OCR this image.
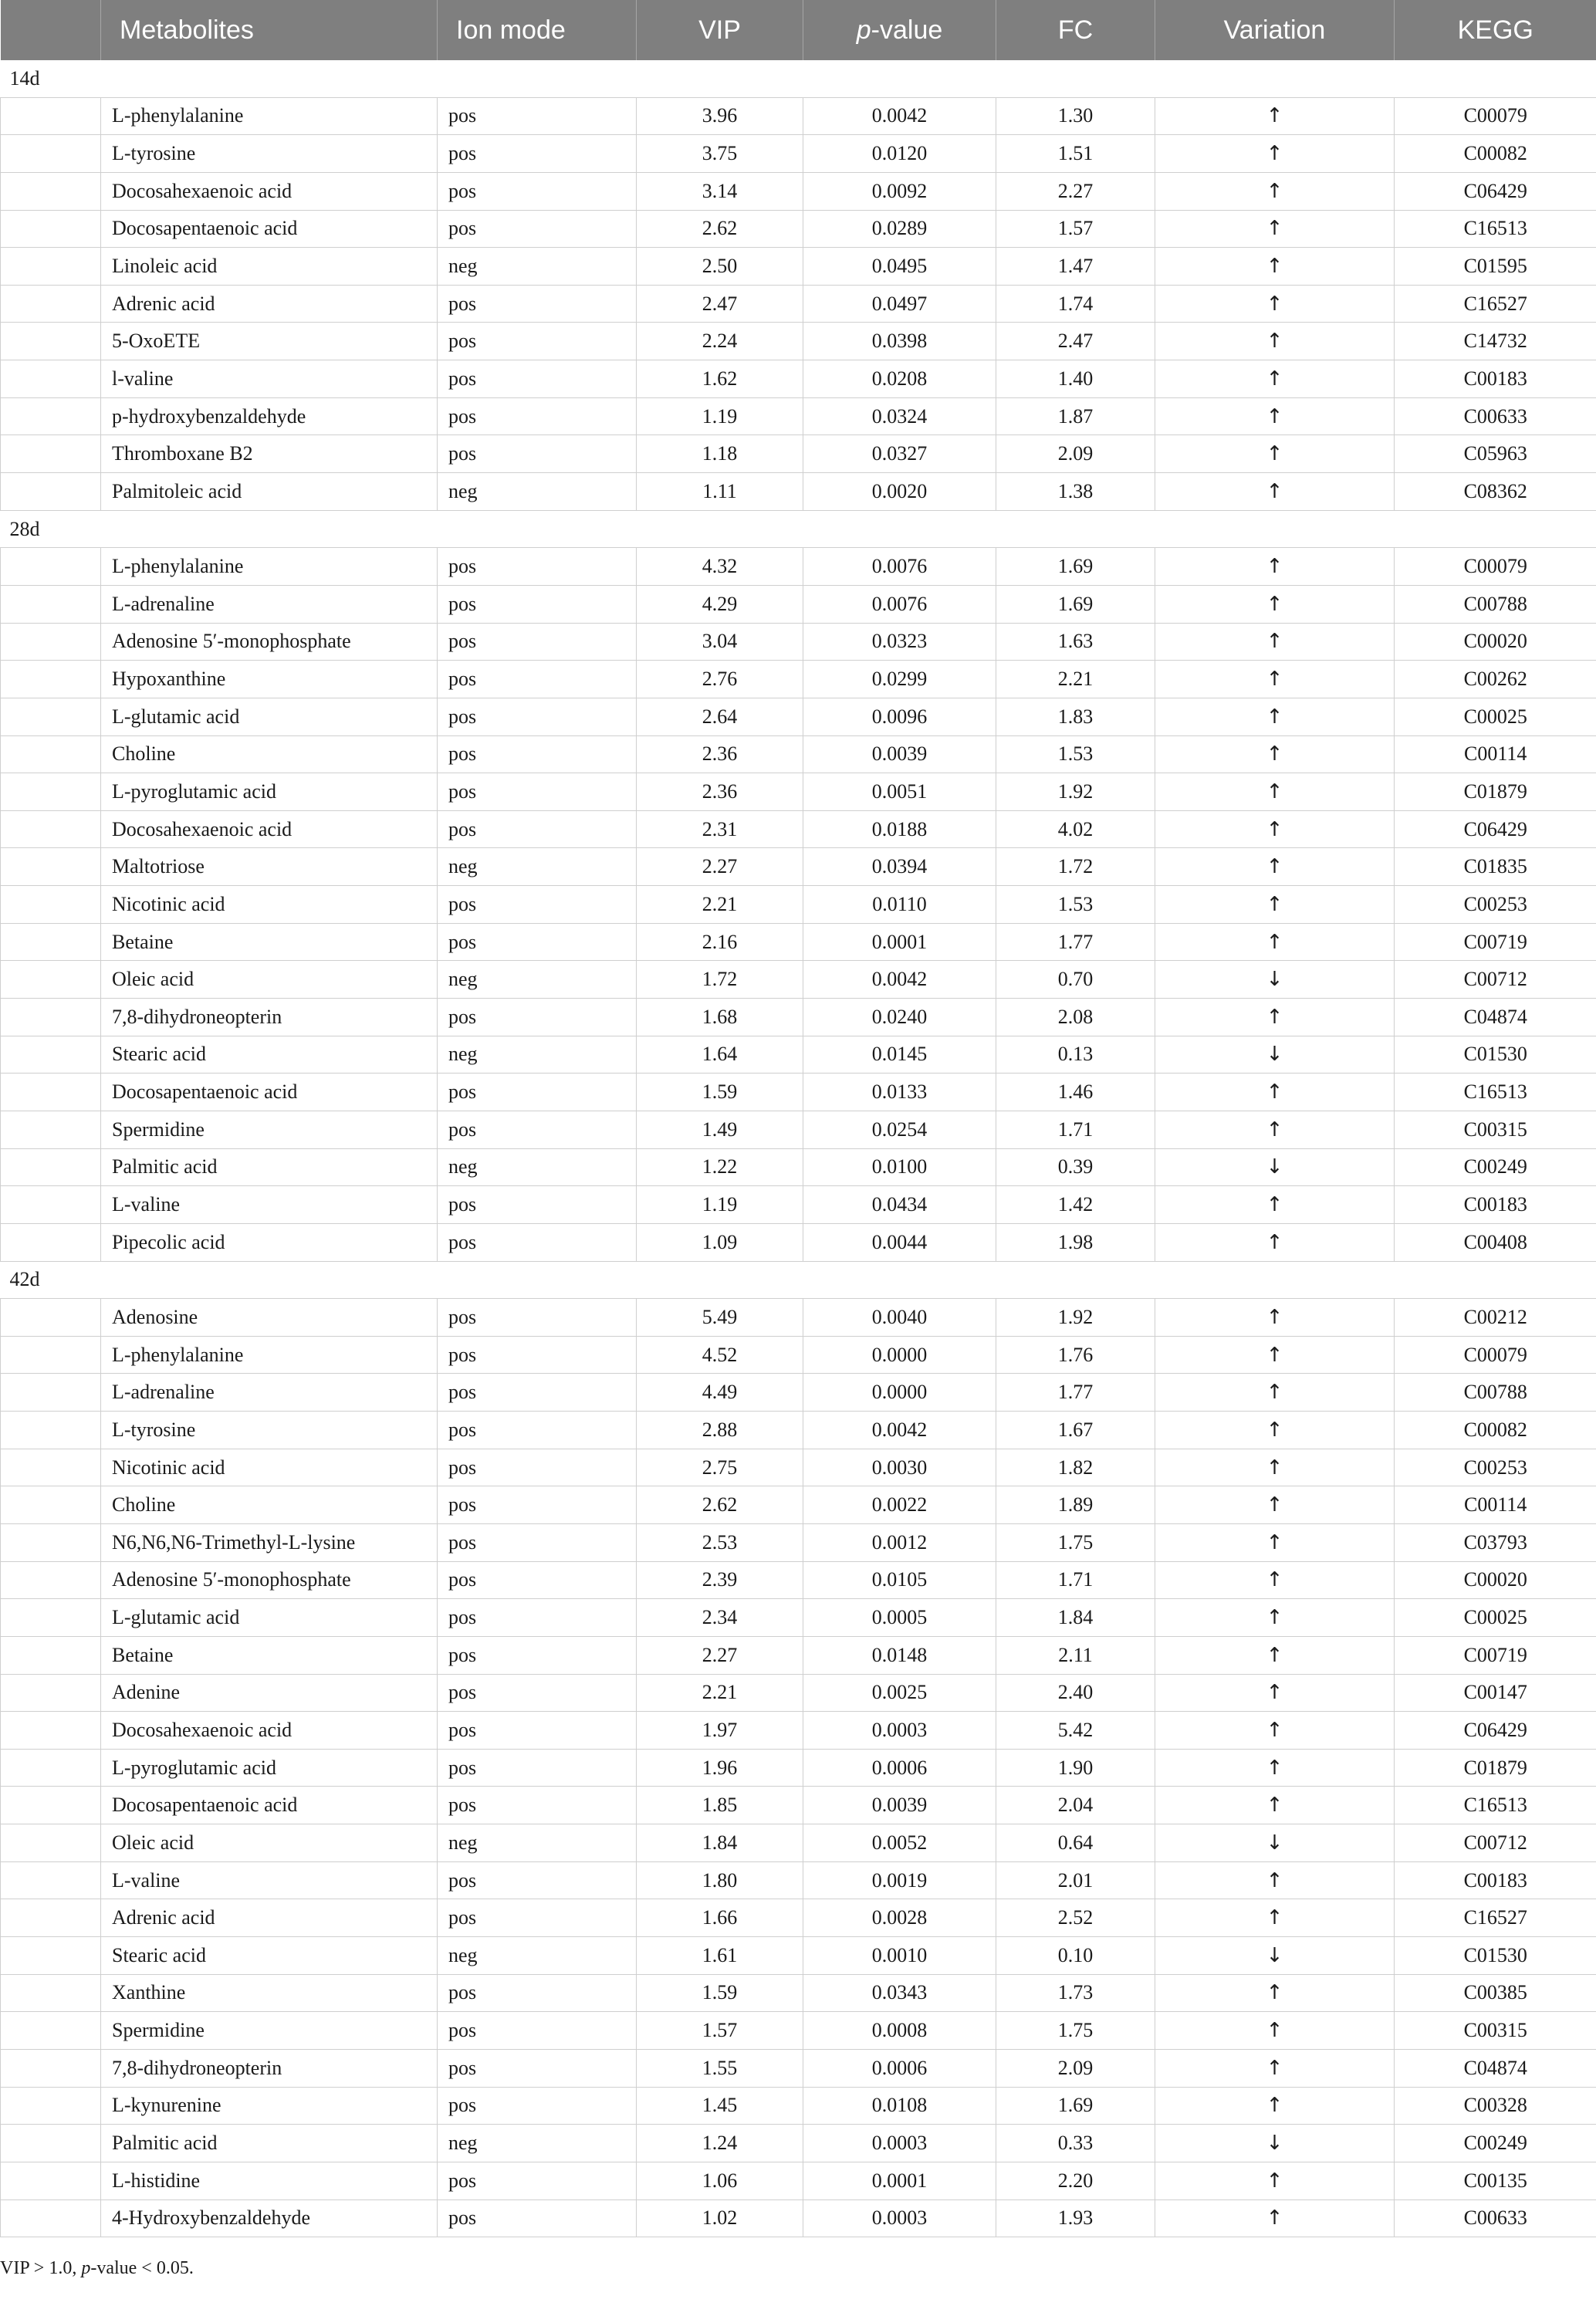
	Metabolites	Ion mode	VIP	p-value	FC	Variation	KEGG
14d							
	L-phenylalanine	pos	3.96	0.0042	1.30	↑	C00079
	L-tyrosine	pos	3.75	0.0120	1.51	↑	C00082
	Docosahexaenoic acid	pos	3.14	0.0092	2.27	↑	C06429
	Docosapentaenoic acid	pos	2.62	0.0289	1.57	↑	C16513
	Linoleic acid	neg	2.50	0.0495	1.47	↑	C01595
	Adrenic acid	pos	2.47	0.0497	1.74	↑	C16527
	5-OxoETE	pos	2.24	0.0398	2.47	↑	C14732
	l-valine	pos	1.62	0.0208	1.40	↑	C00183
	p-hydroxybenzaldehyde	pos	1.19	0.0324	1.87	↑	C00633
	Thromboxane B2	pos	1.18	0.0327	2.09	↑	C05963
	Palmitoleic acid	neg	1.11	0.0020	1.38	↑	C08362
28d							
	L-phenylalanine	pos	4.32	0.0076	1.69	↑	C00079
	L-adrenaline	pos	4.29	0.0076	1.69	↑	C00788
	Adenosine 5′-monophosphate	pos	3.04	0.0323	1.63	↑	C00020
	Hypoxanthine	pos	2.76	0.0299	2.21	↑	C00262
	L-glutamic acid	pos	2.64	0.0096	1.83	↑	C00025
	Choline	pos	2.36	0.0039	1.53	↑	C00114
	L-pyroglutamic acid	pos	2.36	0.0051	1.92	↑	C01879
	Docosahexaenoic acid	pos	2.31	0.0188	4.02	↑	C06429
	Maltotriose	neg	2.27	0.0394	1.72	↑	C01835
	Nicotinic acid	pos	2.21	0.0110	1.53	↑	C00253
	Betaine	pos	2.16	0.0001	1.77	↑	C00719
	Oleic acid	neg	1.72	0.0042	0.70	↓	C00712
	7,8-dihydroneopterin	pos	1.68	0.0240	2.08	↑	C04874
	Stearic acid	neg	1.64	0.0145	0.13	↓	C01530
	Docosapentaenoic acid	pos	1.59	0.0133	1.46	↑	C16513
	Spermidine	pos	1.49	0.0254	1.71	↑	C00315
	Palmitic acid	neg	1.22	0.0100	0.39	↓	C00249
	L-valine	pos	1.19	0.0434	1.42	↑	C00183
	Pipecolic acid	pos	1.09	0.0044	1.98	↑	C00408
42d							
	Adenosine	pos	5.49	0.0040	1.92	↑	C00212
	L-phenylalanine	pos	4.52	0.0000	1.76	↑	C00079
	L-adrenaline	pos	4.49	0.0000	1.77	↑	C00788
	L-tyrosine	pos	2.88	0.0042	1.67	↑	C00082
	Nicotinic acid	pos	2.75	0.0030	1.82	↑	C00253
	Choline	pos	2.62	0.0022	1.89	↑	C00114
	N6,N6,N6-Trimethyl-L-lysine	pos	2.53	0.0012	1.75	↑	C03793
	Adenosine 5′-monophosphate	pos	2.39	0.0105	1.71	↑	C00020
	L-glutamic acid	pos	2.34	0.0005	1.84	↑	C00025
	Betaine	pos	2.27	0.0148	2.11	↑	C00719
	Adenine	pos	2.21	0.0025	2.40	↑	C00147
	Docosahexaenoic acid	pos	1.97	0.0003	5.42	↑	C06429
	L-pyroglutamic acid	pos	1.96	0.0006	1.90	↑	C01879
	Docosapentaenoic acid	pos	1.85	0.0039	2.04	↑	C16513
	Oleic acid	neg	1.84	0.0052	0.64	↓	C00712
	L-valine	pos	1.80	0.0019	2.01	↑	C00183
	Adrenic acid	pos	1.66	0.0028	2.52	↑	C16527
	Stearic acid	neg	1.61	0.0010	0.10	↓	C01530
	Xanthine	pos	1.59	0.0343	1.73	↑	C00385
	Spermidine	pos	1.57	0.0008	1.75	↑	C00315
	7,8-dihydroneopterin	pos	1.55	0.0006	2.09	↑	C04874
	L-kynurenine	pos	1.45	0.0108	1.69	↑	C00328
	Palmitic acid	neg	1.24	0.0003	0.33	↓	C00249
	L-histidine	pos	1.06	0.0001	2.20	↑	C00135
	4-Hydroxybenzaldehyde	pos	1.02	0.0003	1.93	↑	C00633
VIP > 1.0, p-value < 0.05.
